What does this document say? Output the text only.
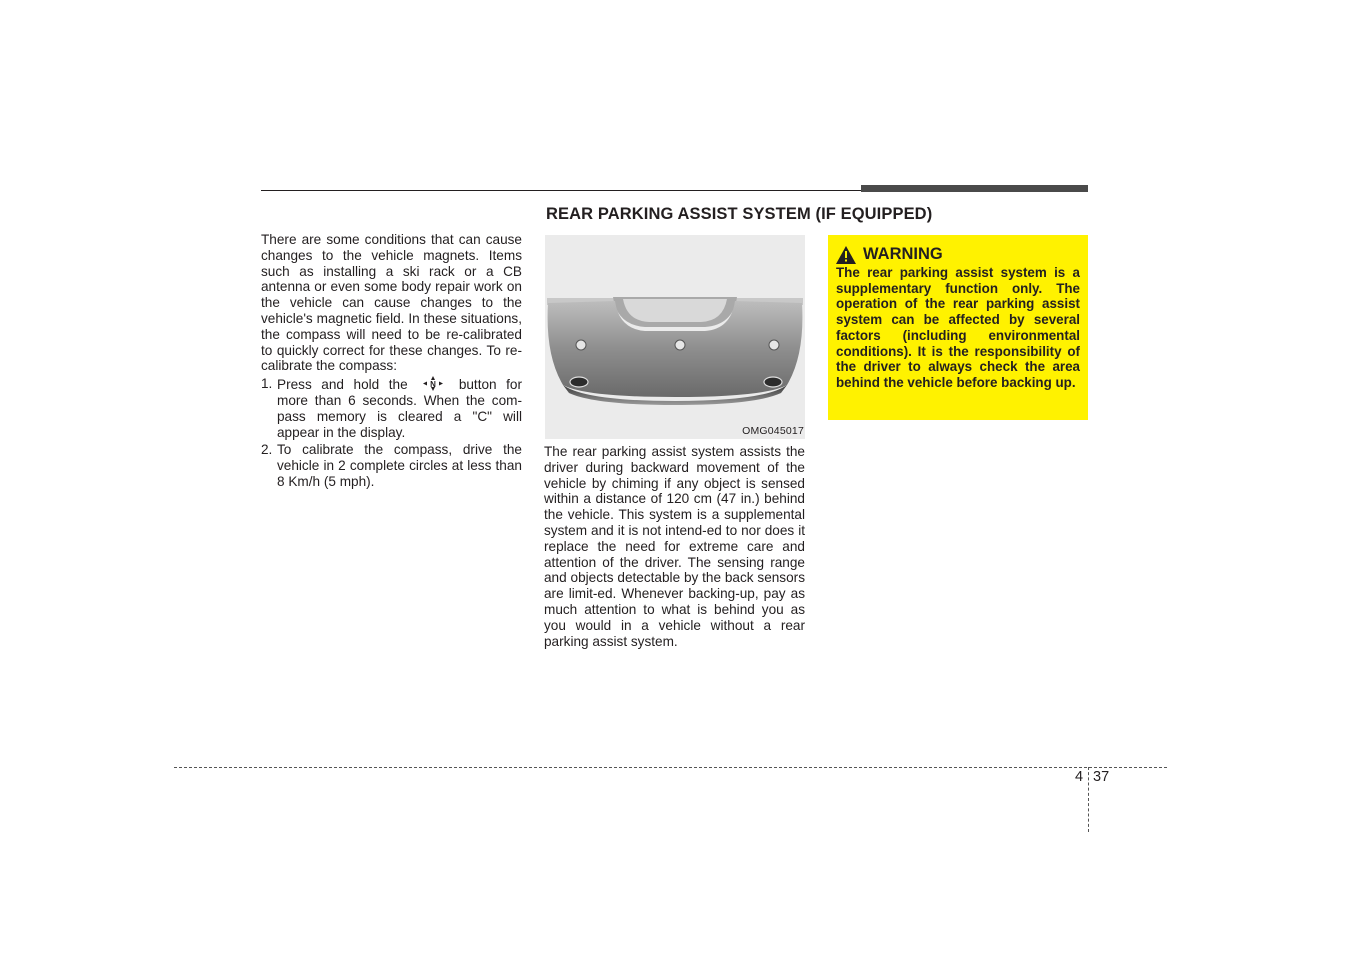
REAR PARKING ASSIST SYSTEM (IF EQUIPPED)

There are some conditions that can cause changes to the vehicle magnets. Items such as installing a ski rack or a CB antenna or even some body repair work on the vehicle can cause changes to the vehicle's magnetic field. In these situations, the compass will need to be re-calibrated to quickly correct for these changes. To re-calibrate the compass:

1. Press and hold the	N button for more than 6 seconds. When the com-pass memory is cleared a "C" will appear in the display.
2. To calibrate the compass, drive the vehicle in 2 complete circles at less than 8 Km/h (5 mph).
OMG045017

The rear parking assist system assists the driver during backward movement of the vehicle by chiming if any object is sensed within a distance of 120 cm (47 in.) behind the vehicle. This system is a supplemental system and it is not intend-ed to nor does it replace the need for extreme care and attention of the driver. The sensing range and objects detectable by the back sensors are limit-ed. Whenever backing-up, pay as much attention to what is behind you as you would in a vehicle without a rear parking assist system.

WARNING

The rear parking assist system is a supplementary function only. The operation of the rear parking assist system can be affected by several factors (including environmental conditions). It is the responsibility of the driver to always check the area behind the vehicle before backing up.

4 37
